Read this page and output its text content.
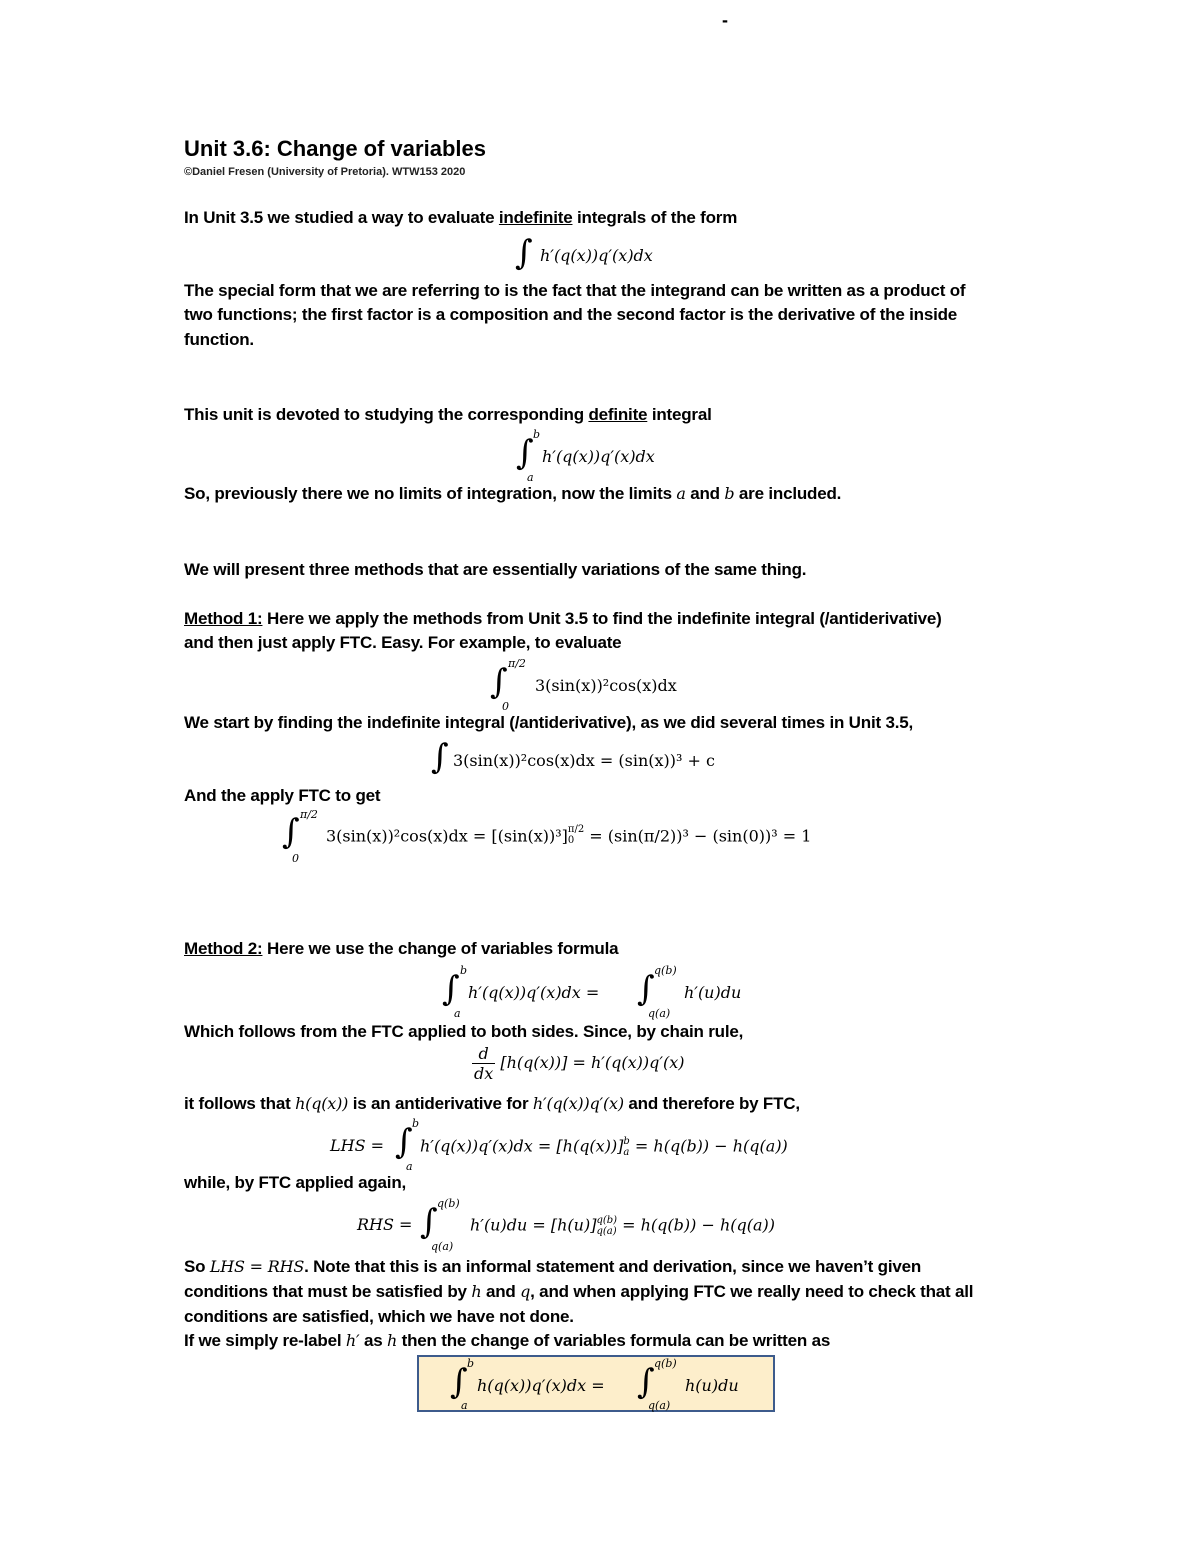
-
Unit 3.6: Change of variables
©Daniel Fresen (University of Pretoria). WTW153 2020
In Unit 3.5 we studied a way to evaluate indefinite integrals of the form
∫ h′(q(x))q′(x)dx
The special form that we are referring to is the fact that the integrand can be written as a product of
two functions; the first factor is a composition and the second factor is the derivative of the inside
function.
This unit is devoted to studying the corresponding definite integral
∫ b
a
h′(q(x))q′(x)dx
So, previously there we no limits of integration, now the limits a and b are included.
We will present three methods that are essentially variations of the same thing.
Method 1: Here we apply the methods from Unit 3.5 to find the indefinite integral (/antiderivative)
and then just apply FTC. Easy. For example, to evaluate
∫ π/2
0
3(sin(x))²cos(x)dx
We start by finding the indefinite integral (/antiderivative), as we did several times in Unit 3.5,
∫ 3(sin(x))²cos(x)dx = (sin(x))³ + c
And the apply FTC to get
∫ π/2
0
3(sin(x))²cos(x)dx = [(sin(x))³] π/2
0 = (sin(π/2))³ − (sin(0))³ = 1
Method 2: Here we use the change of variables formula
∫ b
a
h′(q(x))q′(x)dx = ∫ q(b)
q(a)
h′(u)du
Which follows from the FTC applied to both sides. Since, by chain rule,
$\frac{d}{dx} [h(q(x))] = h'(q(x))q'(x)$
it follows that h(q(x)) is an antiderivative for h′(q(x))q′(x) and therefore by FTC,
LHS = ∫ b
a
h′(q(x))q′(x)dx = [h(q(x))] b
a = h(q(b)) − h(q(a))
while, by FTC applied again,
RHS = ∫ q(b)
q(a)
h′(u)du = [h(u)] q(b)
q(a) = h(q(b)) − h(q(a))
So LHS = RHS. Note that this is an informal statement and derivation, since we haven’t given
conditions that must be satisfied by h and q, and when applying FTC we really need to check that all
conditions are satisfied, which we have not done.
If we simply re-label h′ as h then the change of variables formula can be written as
∫ b
a
h(q(x))q′(x)dx = ∫ q(b)
q(a)
h(u)du
